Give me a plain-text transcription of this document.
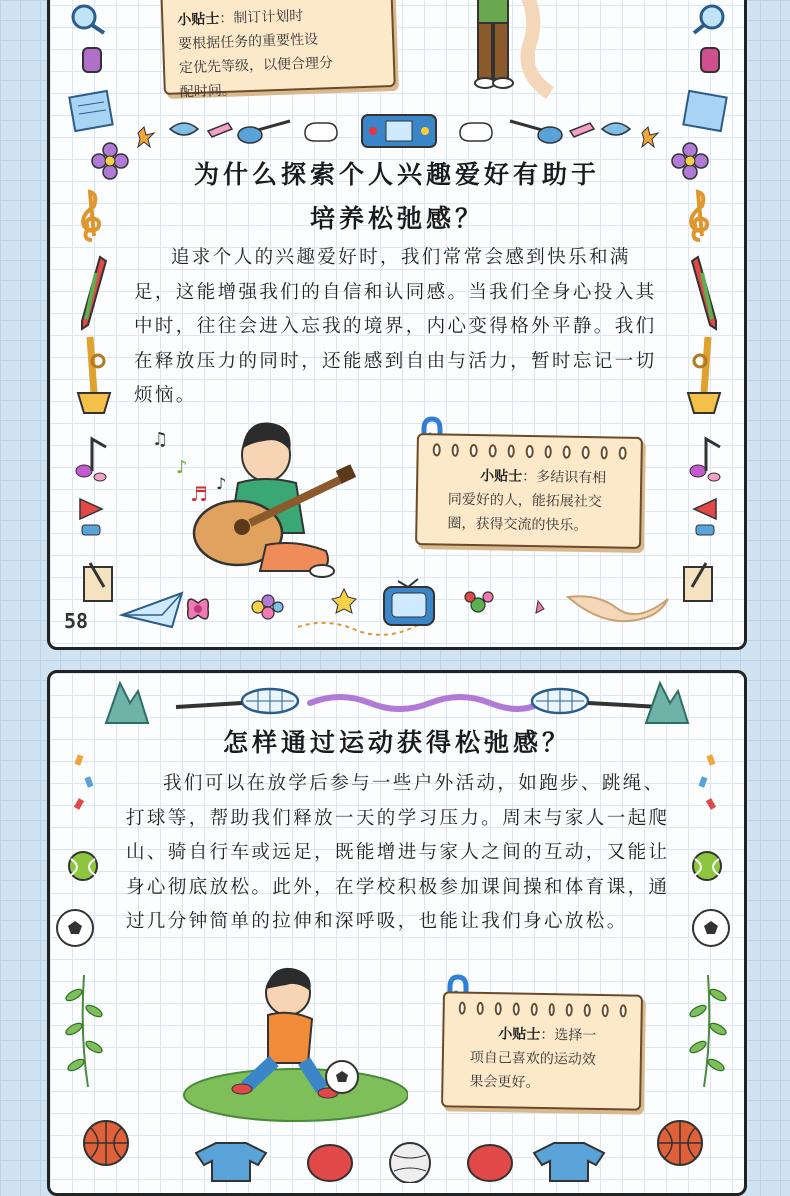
小贴士：制订计划时
要根据任务的重要性设
定优先等级，以便合理分
配时间。
为什么探索个人兴趣爱好有助于
培养松弛感？
追求个人的兴趣爱好时，我们常常会感到快乐和满足，这能增强我们的自信和认同感。当我们全身心投入其中时，往往会进入忘我的境界，内心变得格外平静。我们在释放压力的同时，还能感到自由与活力，暂时忘记一切烦恼。
♫
♪
♬ ♪	小贴士：多结识有相
同爱好的人，能拓展社交
圈，获得交流的快乐。
58
怎样通过运动获得松弛感？
我们可以在放学后参与一些户外活动，如跑步、跳绳、打球等，帮助我们释放一天的学习压力。周末与家人一起爬山、骑自行车或远足，既能增进与家人之间的互动，又能让身心彻底放松。此外，在学校积极参加课间操和体育课，通过几分钟简单的拉伸和深呼吸，也能让我们身心放松。
小贴士：选择一
项自己喜欢的运动效
果会更好。
